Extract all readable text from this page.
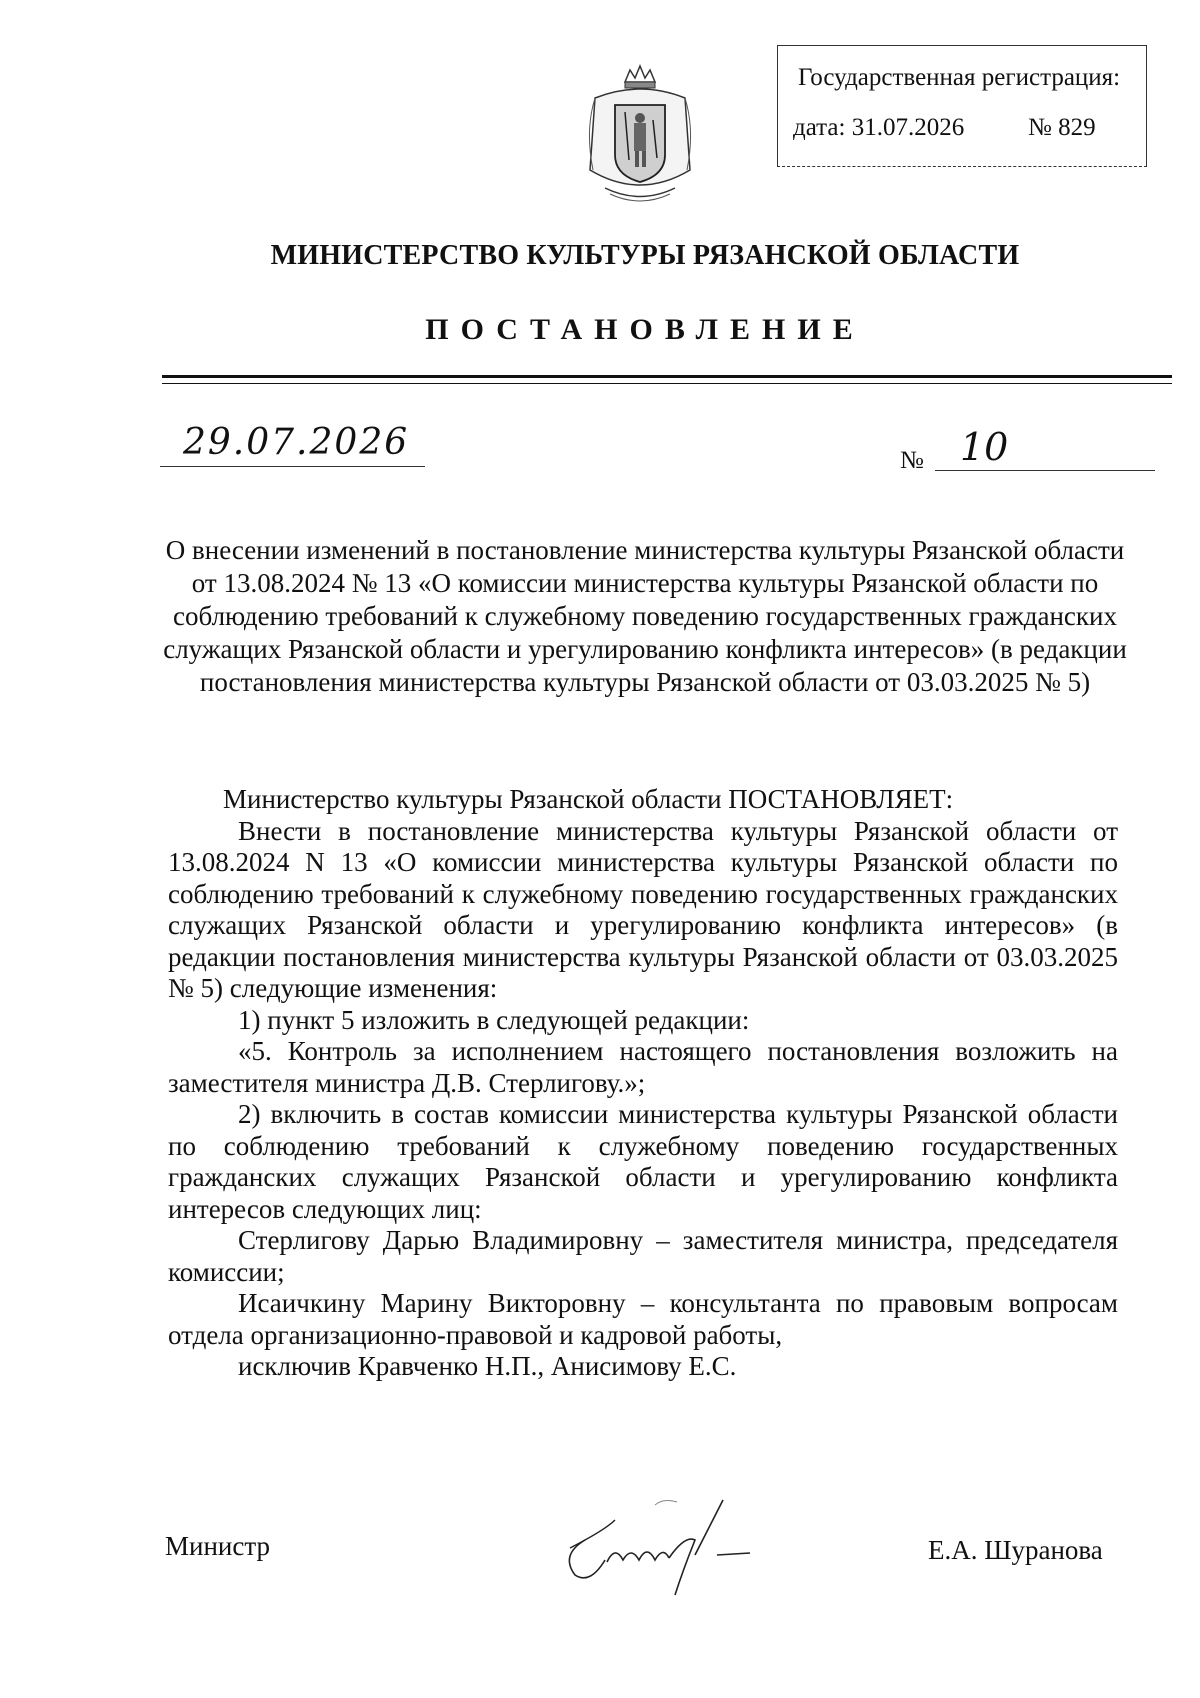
Государственная регистрация:
дата: 31.07.2026	№ 829
МИНИСТЕРСТВО КУЛЬТУРЫ РЯЗАНСКОЙ ОБЛАСТИ
ПОСТАНОВЛЕНИЕ
29.07.2026	№ 10
О внесении изменений в постановление министерства культуры Рязанской области от 13.08.2024 № 13 «О комиссии министерства культуры Рязанской области по соблюдению требований к служебному поведению государственных гражданских служащих Рязанской области и урегулированию конфликта интересов» (в редакции постановления министерства культуры Рязанской области от 03.03.2025 № 5)

Министерство культуры Рязанской области ПОСТАНОВЛЯЕТ:

Внести в постановление министерства культуры Рязанской области от 13.08.2024 N 13 «О комиссии министерства культуры Рязанской области по соблюдению требований к служебному поведению государственных гражданских служащих Рязанской области и урегулированию конфликта интересов» (в редакции постановления министерства культуры Рязанской области от 03.03.2025 № 5) следующие изменения:

1) пункт 5 изложить в следующей редакции:

«5. Контроль за исполнением настоящего постановления возложить на заместителя министра Д.В. Стерлигову.»;

2) включить в состав комиссии министерства культуры Рязанской области по соблюдению требований к служебному поведению государственных гражданских служащих Рязанской области и урегулированию конфликта интересов следующих лиц:

Стерлигову Дарью Владимировну – заместителя министра, председателя комиссии;

Исаичкину Марину Викторовну – консультанта по правовым вопросам отдела организационно-правовой и кадровой работы,

исключив Кравченко Н.П., Анисимову Е.С.

Министр	Е.А. Шуранова
